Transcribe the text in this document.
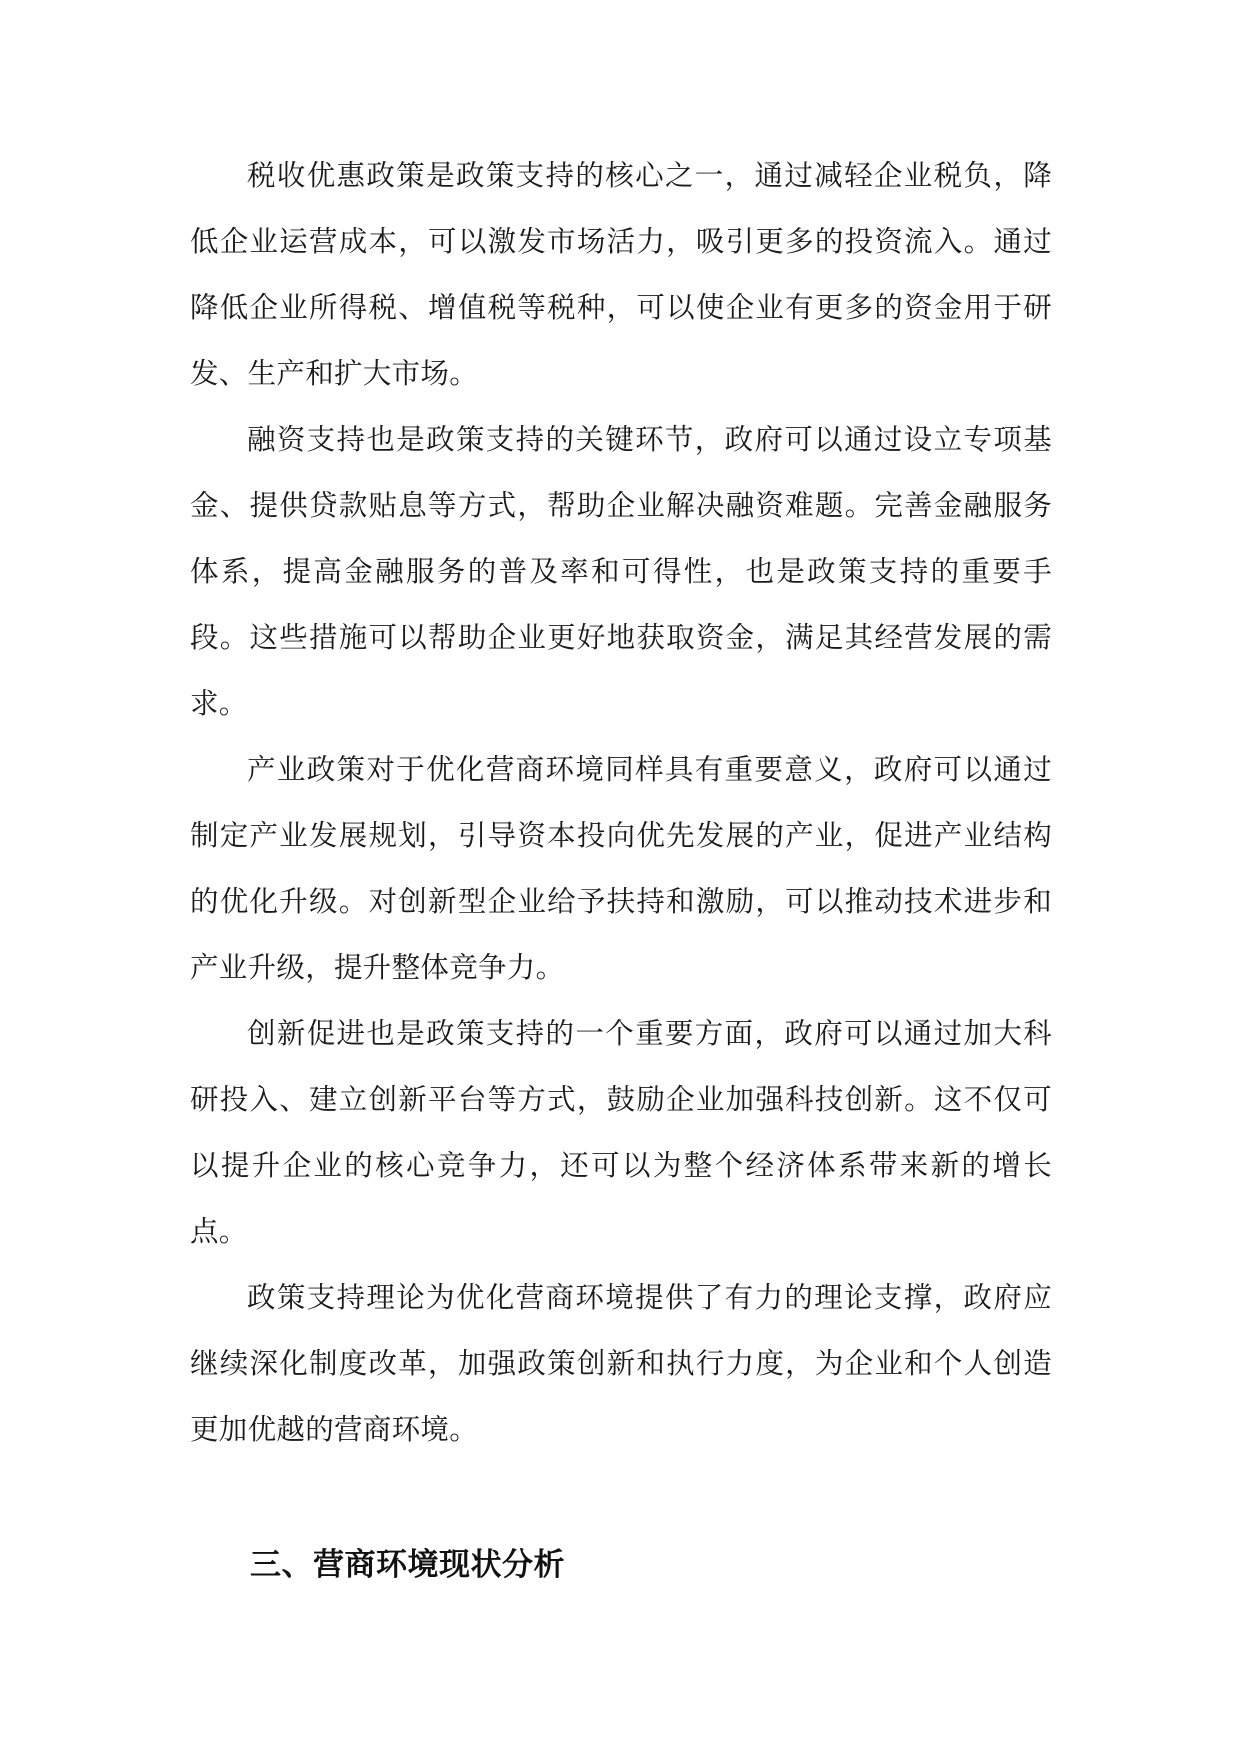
税收优惠政策是政策支持的核心之一，通过减轻企业税负，降低企业运营成本，可以激发市场活力，吸引更多的投资流入。通过降低企业所得税、增值税等税种，可以使企业有更多的资金用于研发、生产和扩大市场。

融资支持也是政策支持的关键环节，政府可以通过设立专项基金、提供贷款贴息等方式，帮助企业解决融资难题。完善金融服务体系，提高金融服务的普及率和可得性，也是政策支持的重要手段。这些措施可以帮助企业更好地获取资金，满足其经营发展的需求。

产业政策对于优化营商环境同样具有重要意义，政府可以通过制定产业发展规划，引导资本投向优先发展的产业，促进产业结构的优化升级。对创新型企业给予扶持和激励，可以推动技术进步和产业升级，提升整体竞争力。

创新促进也是政策支持的一个重要方面，政府可以通过加大科研投入、建立创新平台等方式，鼓励企业加强科技创新。这不仅可以提升企业的核心竞争力，还可以为整个经济体系带来新的增长点。

政策支持理论为优化营商环境提供了有力的理论支撑，政府应继续深化制度改革，加强政策创新和执行力度，为企业和个人创造更加优越的营商环境。

三、营商环境现状分析
